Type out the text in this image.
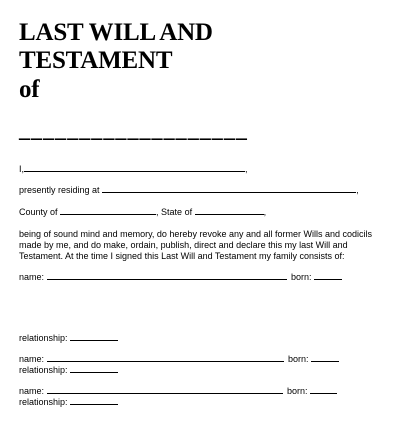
LAST WILL AND
TESTAMENT
of
___________________
I,	,
presently residing at	,
County of	, State of	,

being of sound mind and memory, do hereby revoke any and all former Wills and codicils made by me, and do make, ordain, publish, direct and declare this my last Will and Testament. At the time I signed this Last Will and Testament my family consists of:

name:	born:
relationship:
name:	born:
relationship:
name:	born:
relationship:
